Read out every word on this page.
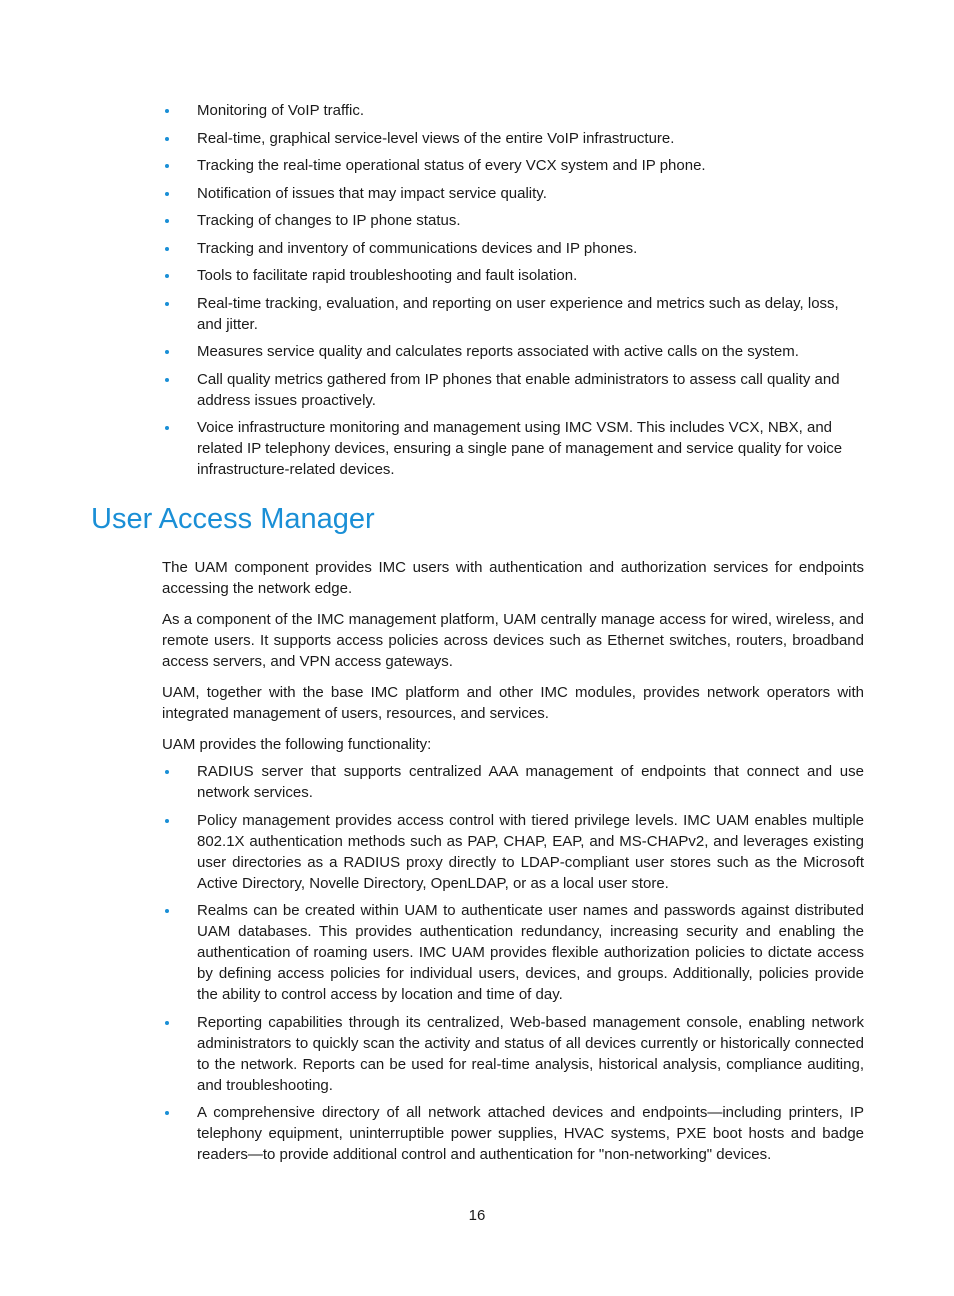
Monitoring of VoIP traffic.
Real-time, graphical service-level views of the entire VoIP infrastructure.
Tracking the real-time operational status of every VCX system and IP phone.
Notification of issues that may impact service quality.
Tracking of changes to IP phone status.
Tracking and inventory of communications devices and IP phones.
Tools to facilitate rapid troubleshooting and fault isolation.
Real-time tracking, evaluation, and reporting on user experience and metrics such as delay, loss, and jitter.
Measures service quality and calculates reports associated with active calls on the system.
Call quality metrics gathered from IP phones that enable administrators to assess call quality and address issues proactively.
Voice infrastructure monitoring and management using IMC VSM. This includes VCX, NBX, and related IP telephony devices, ensuring a single pane of management and service quality for voice infrastructure-related devices.
User Access Manager

The UAM component provides IMC users with authentication and authorization services for endpoints accessing the network edge.

As a component of the IMC management platform, UAM centrally manage access for wired, wireless, and remote users. It supports access policies across devices such as Ethernet switches, routers, broadband access servers, and VPN access gateways.

UAM, together with the base IMC platform and other IMC modules, provides network operators with integrated management of users, resources, and services.

UAM provides the following functionality:

RADIUS server that supports centralized AAA management of endpoints that connect and use network services.
Policy management provides access control with tiered privilege levels. IMC UAM enables multiple 802.1X authentication methods such as PAP, CHAP, EAP, and MS-CHAPv2, and leverages existing user directories as a RADIUS proxy directly to LDAP-compliant user stores such as the Microsoft Active Directory, Novelle Directory, OpenLDAP, or as a local user store.
Realms can be created within UAM to authenticate user names and passwords against distributed UAM databases. This provides authentication redundancy, increasing security and enabling the authentication of roaming users. IMC UAM provides flexible authorization policies to dictate access by defining access policies for individual users, devices, and groups. Additionally, policies provide the ability to control access by location and time of day.
Reporting capabilities through its centralized, Web-based management console, enabling network administrators to quickly scan the activity and status of all devices currently or historically connected to the network. Reports can be used for real-time analysis, historical analysis, compliance auditing, and troubleshooting.
A comprehensive directory of all network attached devices and endpoints—including printers, IP telephony equipment, uninterruptible power supplies, HVAC systems, PXE boot hosts and badge readers—to provide additional control and authentication for "non-networking" devices.
16
